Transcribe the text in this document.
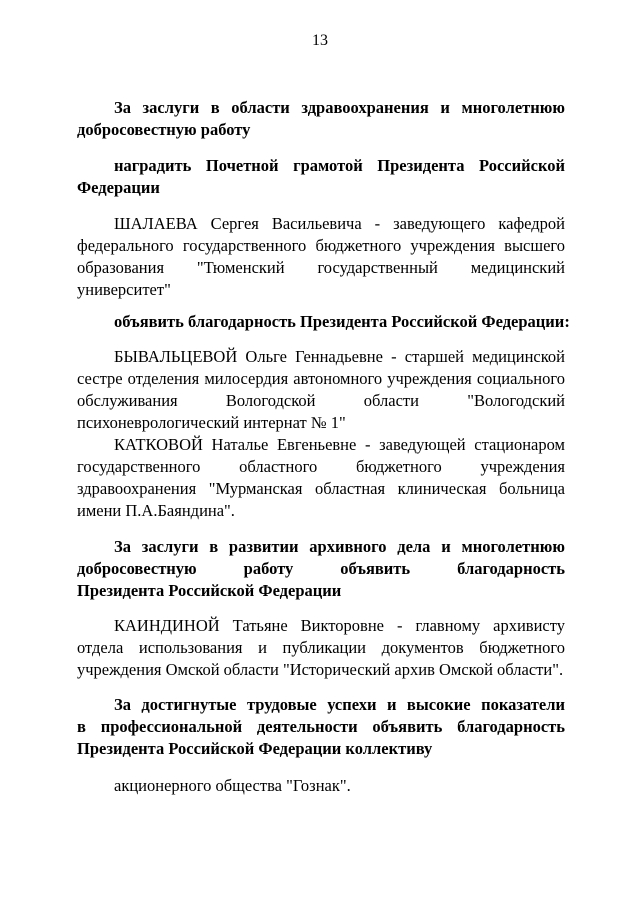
13
За заслуги в области здравоохранения и многолетнюю
добросовестную работу
наградить Почетной грамотой Президента Российской
Федерации
ШАЛАЕВА Сергея Васильевича - заведующего кафедрой
федерального государственного бюджетного учреждения высшего
образования "Тюменский государственный медицинский
университет"
объявить благодарность Президента Российской Федерации:
БЫВАЛЬЦЕВОЙ Ольге Геннадьевне - старшей медицинской
сестре отделения милосердия автономного учреждения социального
обслуживания Вологодской области "Вологодский
психоневрологический интернат № 1"
КАТКОВОЙ Наталье Евгеньевне - заведующей стационаром
государственного областного бюджетного учреждения
здравоохранения "Мурманская областная клиническая больница
имени П.А.Баяндина".
За заслуги в развитии архивного дела и многолетнюю
добросовестную работу объявить благодарность
Президента Российской Федерации
КАИНДИНОЙ Татьяне Викторовне - главному архивисту
отдела использования и публикации документов бюджетного
учреждения Омской области "Исторический архив Омской области".
За достигнутые трудовые успехи и высокие показатели
в профессиональной деятельности объявить благодарность
Президента Российской Федерации коллективу
акционерного общества "Гознак".
